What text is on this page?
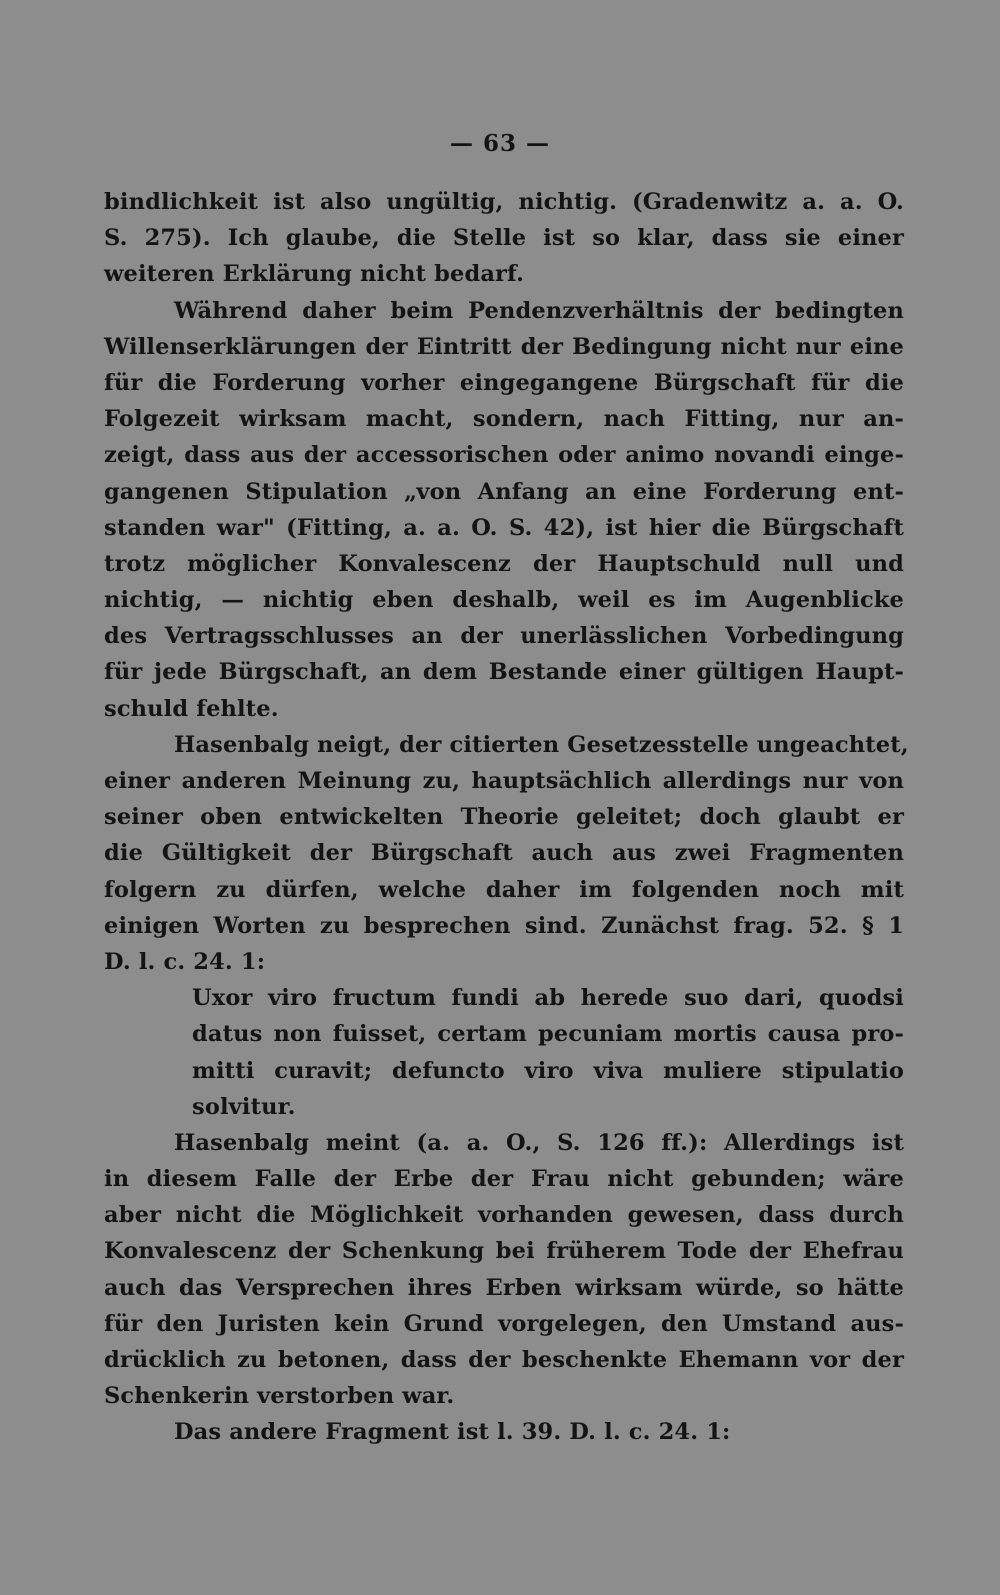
— 63 —
bindlichkeit ist also ungültig, nichtig. (Gradenwitz a. a. O.
S. 275). Ich glaube, die Stelle ist so klar, dass sie einer
weiteren Erklärung nicht bedarf.
Während daher beim Pendenzverhältnis der bedingten
Willenserklärungen der Eintritt der Bedingung nicht nur eine
für die Forderung vorher eingegangene Bürgschaft für die
Folgezeit wirksam macht, sondern, nach Fitting, nur an-
zeigt, dass aus der accessorischen oder animo novandi einge-
gangenen Stipulation „von Anfang an eine Forderung ent-
standen war" (Fitting, a. a. O. S. 42), ist hier die Bürgschaft
trotz möglicher Konvalescenz der Hauptschuld null und
nichtig, — nichtig eben deshalb, weil es im Augenblicke
des Vertragsschlusses an der unerlässlichen Vorbedingung
für jede Bürgschaft, an dem Bestande einer gültigen Haupt-
schuld fehlte.
Hasenbalg neigt, der citierten Gesetzesstelle ungeachtet,
einer anderen Meinung zu, hauptsächlich allerdings nur von
seiner oben entwickelten Theorie geleitet; doch glaubt er
die Gültigkeit der Bürgschaft auch aus zwei Fragmenten
folgern zu dürfen, welche daher im folgenden noch mit
einigen Worten zu besprechen sind. Zunächst frag. 52. § 1
D. l. c. 24. 1:
Uxor viro fructum fundi ab herede suo dari, quodsi
datus non fuisset, certam pecuniam mortis causa pro-
mitti curavit; defuncto viro viva muliere stipulatio
solvitur.
Hasenbalg meint (a. a. O., S. 126 ff.): Allerdings ist
in diesem Falle der Erbe der Frau nicht gebunden; wäre
aber nicht die Möglichkeit vorhanden gewesen, dass durch
Konvalescenz der Schenkung bei früherem Tode der Ehefrau
auch das Versprechen ihres Erben wirksam würde, so hätte
für den Juristen kein Grund vorgelegen, den Umstand aus-
drücklich zu betonen, dass der beschenkte Ehemann vor der
Schenkerin verstorben war.
Das andere Fragment ist l. 39. D. l. c. 24. 1:
